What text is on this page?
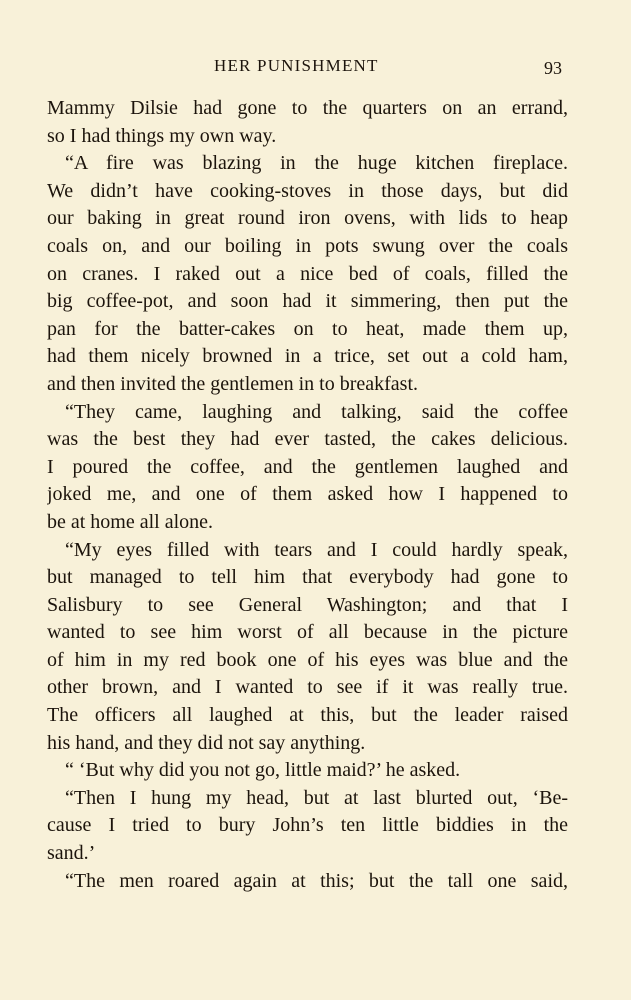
HER PUNISHMENT	93
Mammy Dilsie had gone to the quarters on an errand,
so I had things my own way.
“A fire was blazing in the huge kitchen fireplace.
We didn’t have cooking-stoves in those days, but did
our baking in great round iron ovens, with lids to heap
coals on, and our boiling in pots swung over the coals
on cranes. I raked out a nice bed of coals, filled the
big coffee-pot, and soon had it simmering, then put the
pan for the batter-cakes on to heat, made them up,
had them nicely browned in a trice, set out a cold ham,
and then invited the gentlemen in to breakfast.
“They came, laughing and talking, said the coffee
was the best they had ever tasted, the cakes delicious.
I poured the coffee, and the gentlemen laughed and
joked me, and one of them asked how I happened to
be at home all alone.
“My eyes filled with tears and I could hardly speak,
but managed to tell him that everybody had gone to
Salisbury to see General Washington; and that I
wanted to see him worst of all because in the picture
of him in my red book one of his eyes was blue and the
other brown, and I wanted to see if it was really true.
The officers all laughed at this, but the leader raised
his hand, and they did not say anything.
“ ‘But why did you not go, little maid?’ he asked.
“Then I hung my head, but at last blurted out, ‘Be-
cause I tried to bury John’s ten little biddies in the
sand.’
“The men roared again at this; but the tall one said,
